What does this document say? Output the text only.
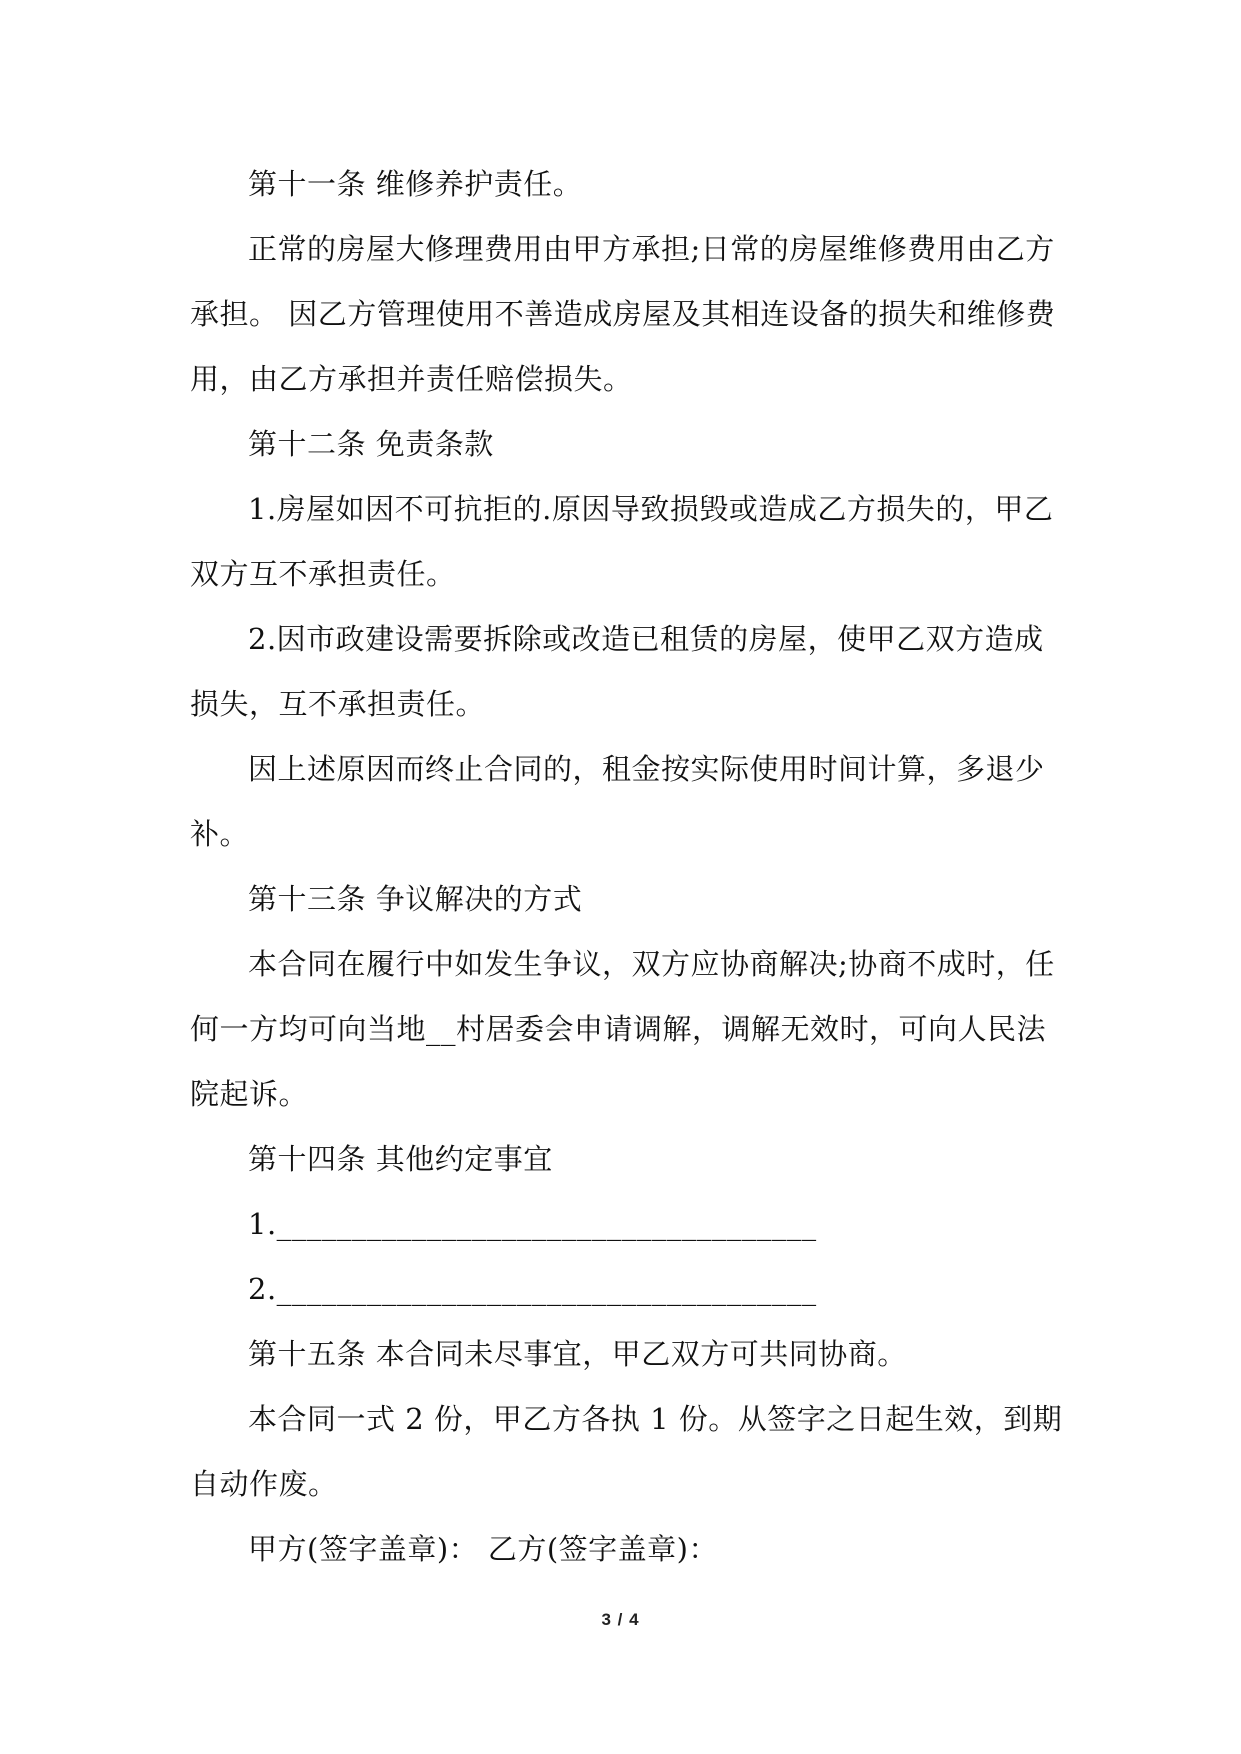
第十一条 维修养护责任。

正常的房屋大修理费用由甲方承担;日常的房屋维修费用由乙方承担。 因乙方管理使用不善造成房屋及其相连设备的损失和维修费用，由乙方承担并责任赔偿损失。

第十二条 免责条款

1.房屋如因不可抗拒的.原因导致损毁或造成乙方损失的，甲乙双方互不承担责任。

2.因市政建设需要拆除或改造已租赁的房屋，使甲乙双方造成损失，互不承担责任。

因上述原因而终止合同的，租金按实际使用时间计算，多退少补。

第十三条 争议解决的方式

本合同在履行中如发生争议，双方应协商解决;协商不成时，任何一方均可向当地__村居委会申请调解，调解无效时，可向人民法院起诉。

第十四条 其他约定事宜

1.____________________________________

2.____________________________________

第十五条 本合同未尽事宜，甲乙双方可共同协商。

本合同一式 2 份，甲乙方各执 1 份。从签字之日起生效，到期自动作废。

甲方(签字盖章)： 乙方(签字盖章)：

3 / 4
